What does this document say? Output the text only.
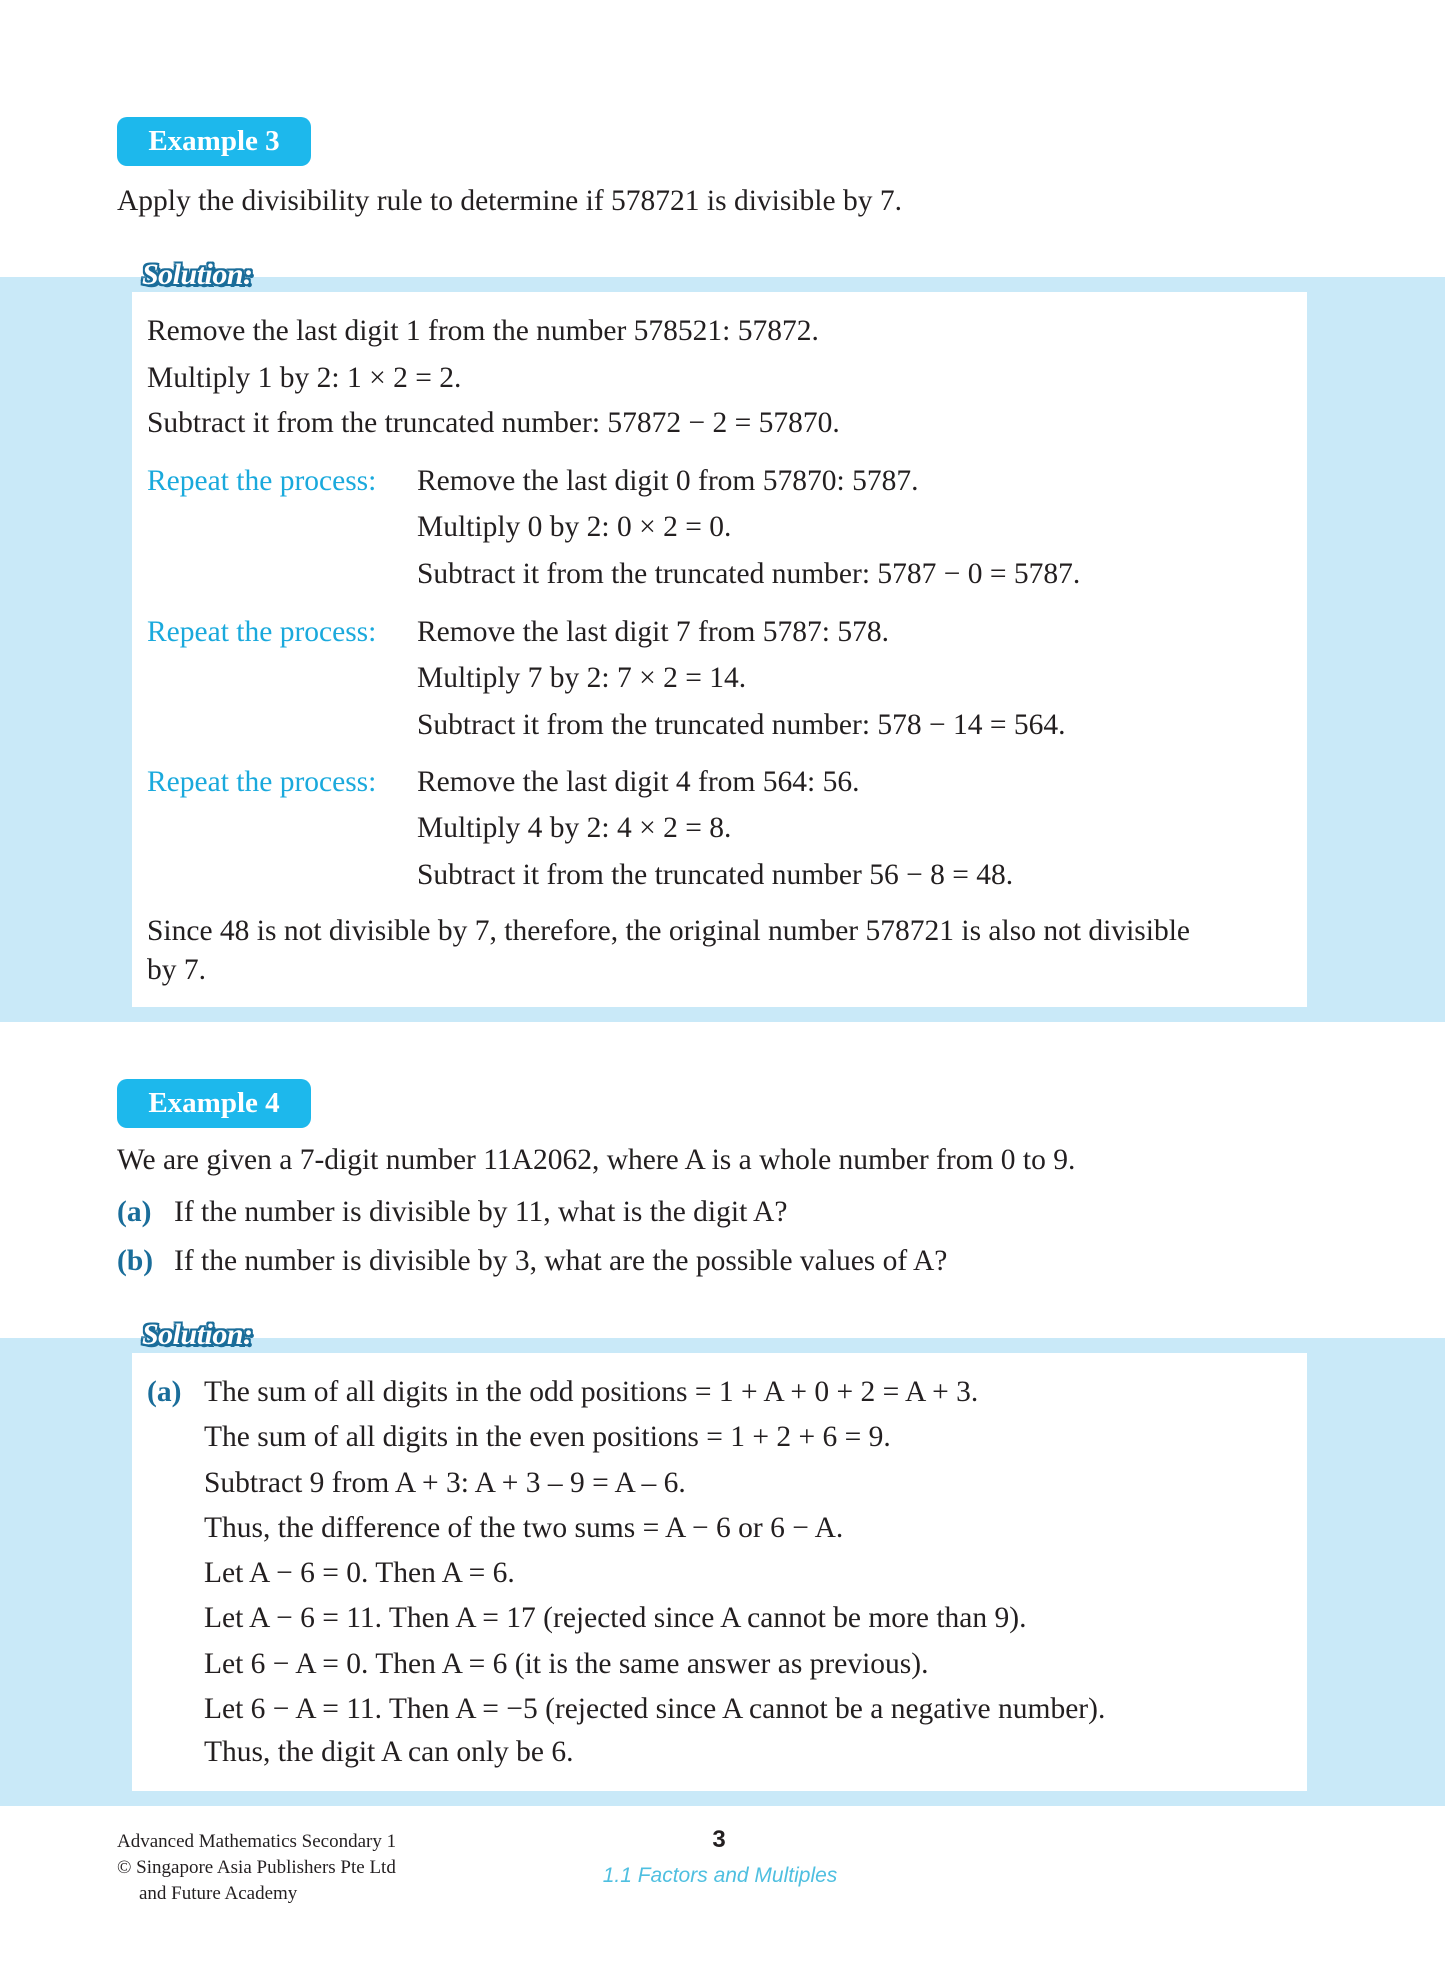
Example 3
Apply the divisibility rule to determine if 578721 is divisible by 7.
Solution:
Remove the last digit 1 from the number 578521: 57872.
Multiply 1 by 2: 1 × 2 = 2.
Subtract it from the truncated number: 57872 − 2 = 57870.
Repeat the process: Remove the last digit 0 from 57870: 5787.
Multiply 0 by 2: 0 × 2 = 0.
Subtract it from the truncated number: 5787 − 0 = 5787.
Repeat the process: Remove the last digit 7 from 5787: 578.
Multiply 7 by 2: 7 × 2 = 14.
Subtract it from the truncated number: 578 − 14 = 564.
Repeat the process: Remove the last digit 4 from 564: 56.
Multiply 4 by 2: 4 × 2 = 8.
Subtract it from the truncated number 56 − 8 = 48.
Since 48 is not divisible by 7, therefore, the original number 578721 is also not divisible
by 7.
Example 4
We are given a 7-digit number 11A2062, where A is a whole number from 0 to 9.
(a) If the number is divisible by 11, what is the digit A?
(b) If the number is divisible by 3, what are the possible values of A?
Solution:
(a) The sum of all digits in the odd positions = 1 + A + 0 + 2 = A + 3.
The sum of all digits in the even positions = 1 + 2 + 6 = 9.
Subtract 9 from A + 3: A + 3 – 9 = A – 6.
Thus, the difference of the two sums = A − 6 or 6 − A.
Let A − 6 = 0. Then A = 6.
Let A − 6 = 11. Then A = 17 (rejected since A cannot be more than 9).
Let 6 − A = 0. Then A = 6 (it is the same answer as previous).
Let 6 − A = 11. Then A = −5 (rejected since A cannot be a negative number).
Thus, the digit A can only be 6.
Advanced Mathematics Secondary 1
© Singapore Asia Publishers Pte Ltd
and Future Academy
3
1.1 Factors and Multiples
